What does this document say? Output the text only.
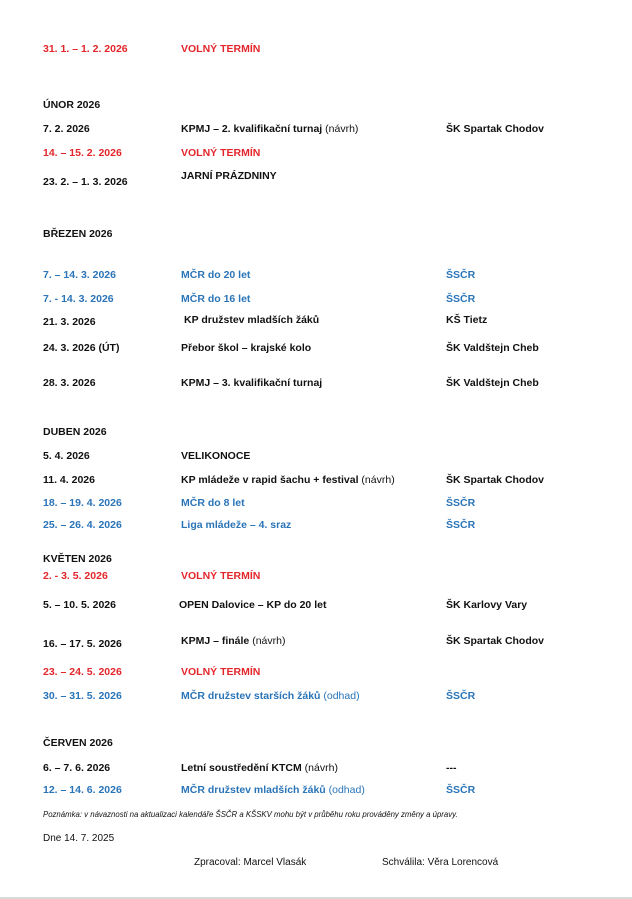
31. 1. – 1. 2. 2026	VOLNÝ TERMÍN
ÚNOR 2026
7. 2. 2026	KPMJ – 2. kvalifikační turnaj (návrh)	ŠK Spartak Chodov
14. – 15. 2. 2026	VOLNÝ TERMÍN
23. 2. – 1. 3. 2026	JARNÍ PRÁZDNINY
BŘEZEN 2026
7. – 14. 3. 2026	MČR do 20 let	ŠSČR
7. - 14. 3. 2026	MČR do 16 let	ŠSČR
21. 3. 2026	KP družstev mladších žáků	KŠ Tietz
24. 3. 2026 (ÚT)	Přebor škol – krajské kolo	ŠK Valdštejn Cheb
28. 3. 2026	KPMJ – 3. kvalifikační turnaj	ŠK Valdštejn Cheb
DUBEN 2026
5. 4. 2026	VELIKONOCE
11. 4. 2026	KP mládeže v rapid šachu + festival (návrh)	ŠK Spartak Chodov
18. – 19. 4. 2026	MČR do 8 let	ŠSČR
25. – 26. 4. 2026	Liga mládeže – 4. sraz	ŠSČR
KVĚTEN 2026
2. - 3. 5. 2026	VOLNÝ TERMÍN
5. – 10. 5. 2026	OPEN Dalovice – KP do 20 let	ŠK Karlovy Vary
16. – 17. 5. 2026	KPMJ – finále (návrh)	ŠK Spartak Chodov
23. – 24. 5. 2026	VOLNÝ TERMÍN
30. – 31. 5. 2026	MČR družstev starších žáků (odhad)	ŠSČR
ČERVEN 2026
6. – 7. 6. 2026	Letní soustředění KTCM (návrh)	---
12. – 14. 6. 2026	MČR družstev mladších žáků (odhad)	ŠSČR
Poznámka: v návaznosti na aktualizaci kalendáře ŠSČR a KŠSKV mohu být v průběhu roku prováděny změny a úpravy.
Dne 14. 7. 2025
Zpracoval: Marcel Vlasák	Schválila: Věra Lorencová
